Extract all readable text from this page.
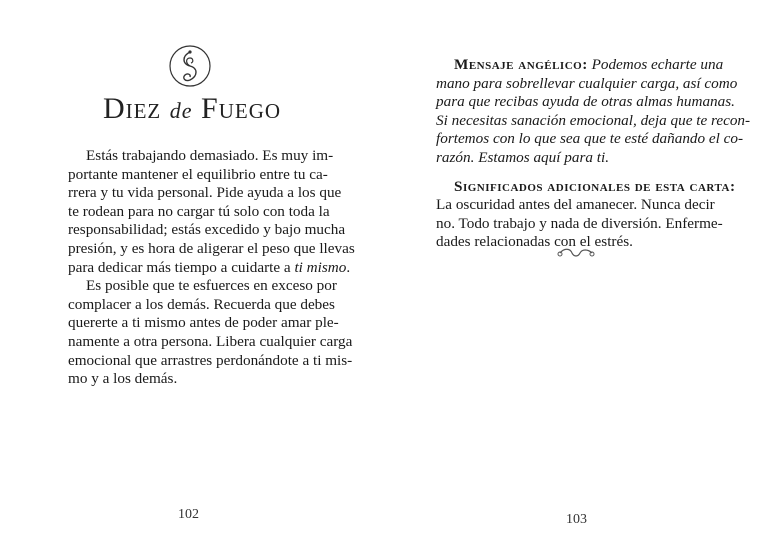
Diez de Fuego
Estás trabajando demasiado. Es muy im-
portante mantener el equilibrio entre tu ca-
rrera y tu vida personal. Pide ayuda a los que
te rodean para no cargar tú solo con toda la
responsabilidad; estás excedido y bajo mucha
presión, y es hora de aligerar el peso que llevas
para dedicar más tiempo a cuidarte a ti mismo.
Es posible que te esfuerces en exceso por
complacer a los demás. Recuerda que debes
quererte a ti mismo antes de poder amar ple-
namente a otra persona. Libera cualquier carga
emocional que arrastres perdonándote a ti mis-
mo y a los demás.
102
Mensaje angélico: Podemos echarte una
mano para sobrellevar cualquier carga, así como
para que recibas ayuda de otras almas humanas.
Si necesitas sanación emocional, deja que te recon-
fortemos con lo que sea que te esté dañando el co-
razón. Estamos aquí para ti.
Significados adicionales de esta carta:
La oscuridad antes del amanecer. Nunca decir
no. Todo trabajo y nada de diversión. Enferme-
dades relacionadas con el estrés.
103
